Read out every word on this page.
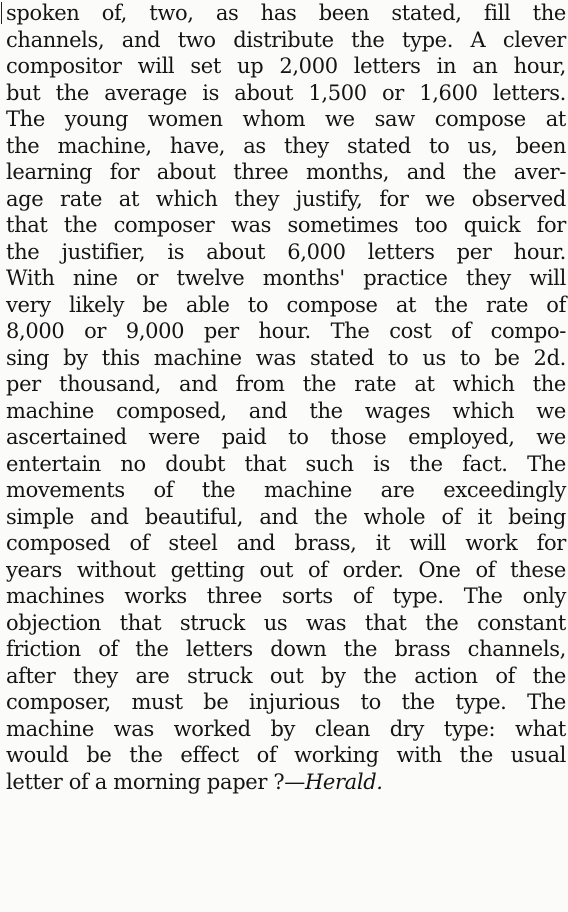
spoken of, two, as has been stated, fill the
channels, and two distribute the type. A clever
compositor will set up 2,000 letters in an hour,
but the average is about 1,500 or 1,600 letters.
The young women whom we saw compose at
the machine, have, as they stated to us, been
learning for about three months, and the aver-
age rate at which they justify, for we observed
that the composer was sometimes too quick for
the justifier, is about 6,000 letters per hour.
With nine or twelve months' practice they will
very likely be able to compose at the rate of
8,000 or 9,000 per hour. The cost of compo-
sing by this machine was stated to us to be 2d.
per thousand, and from the rate at which the
machine composed, and the wages which we
ascertained were paid to those employed, we
entertain no doubt that such is the fact. The
movements of the machine are exceedingly
simple and beautiful, and the whole of it being
composed of steel and brass, it will work for
years without getting out of order. One of these
machines works three sorts of type. The only
objection that struck us was that the constant
friction of the letters down the brass channels,
after they are struck out by the action of the
composer, must be injurious to the type. The
machine was worked by clean dry type: what
would be the effect of working with the usual
letter of a morning paper ?—Herald.
